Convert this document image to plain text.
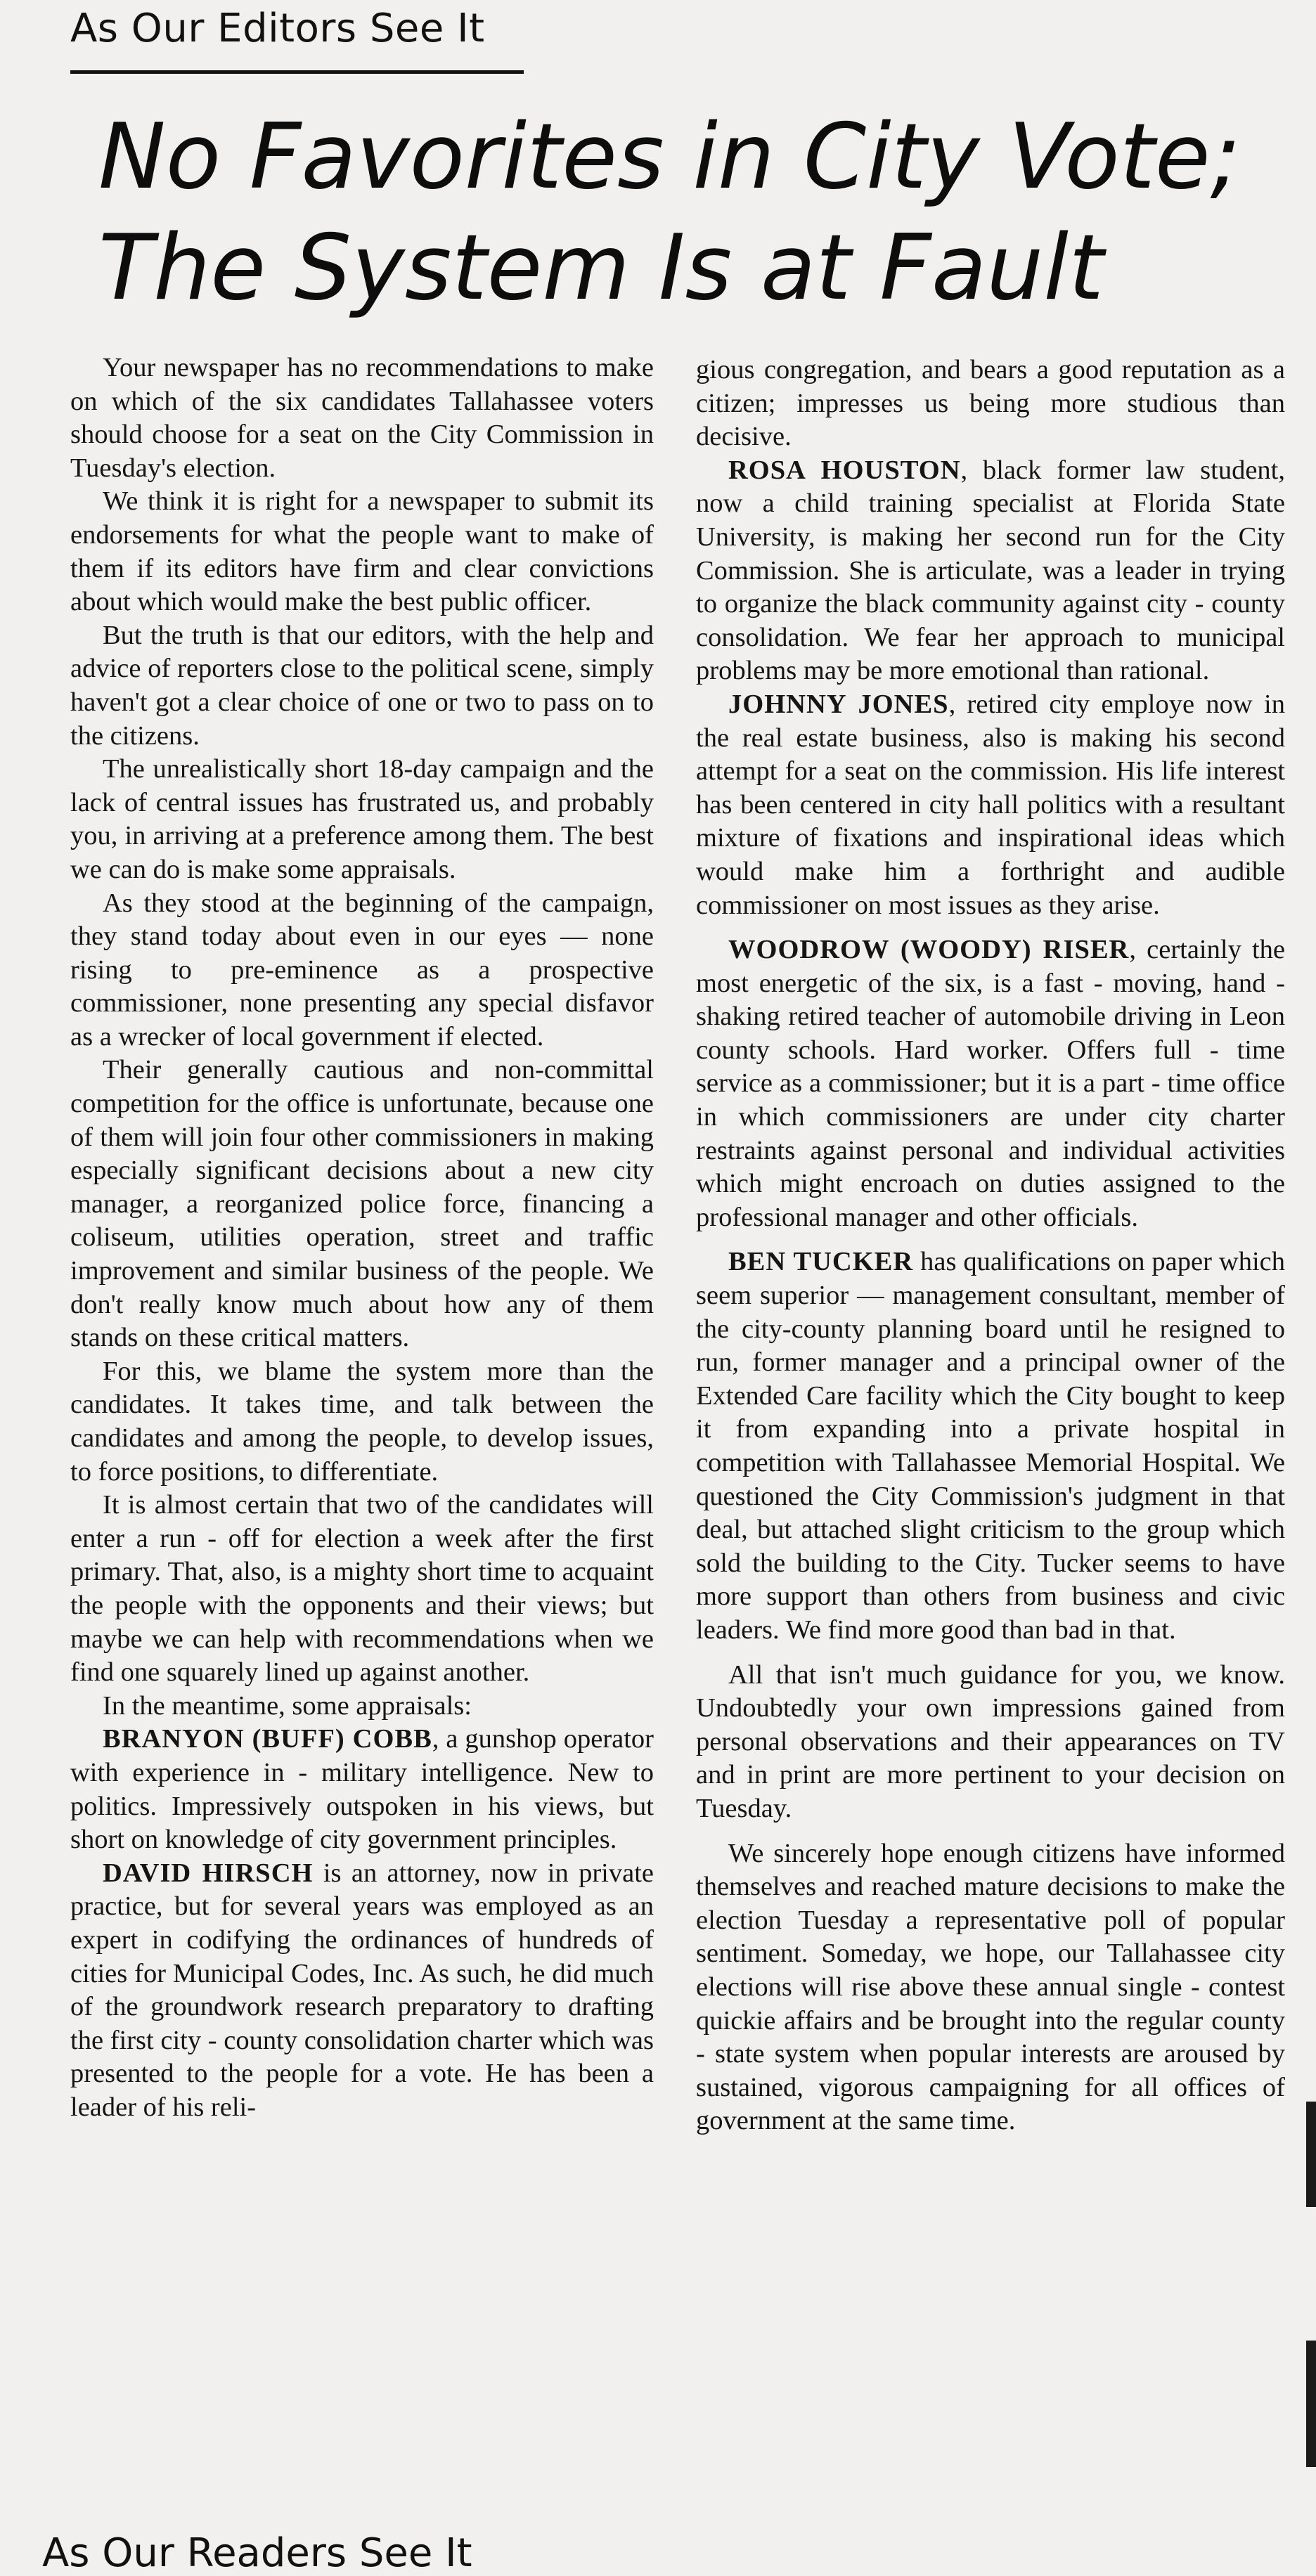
As Our Editors See It
No Favorites in City Vote;
The System Is at Fault

Your newspaper has no recommendations to make on which of the six candidates Tallahassee voters should choose for a seat on the City Commission in Tuesday's election.

We think it is right for a newspaper to submit its endorsements for what the people want to make of them if its editors have firm and clear convictions about which would make the best public officer.

But the truth is that our editors, with the help and advice of reporters close to the political scene, simply haven't got a clear choice of one or two to pass on to the citizens.

The unrealistically short 18-day campaign and the lack of central issues has frustrated us, and probably you, in arriving at a preference among them. The best we can do is make some appraisals.

As they stood at the beginning of the campaign, they stand today about even in our eyes — none rising to pre-eminence as a prospective commissioner, none presenting any special disfavor as a wrecker of local government if elected.

Their generally cautious and non-committal competition for the office is unfortunate, because one of them will join four other commissioners in making especially significant decisions about a new city manager, a reorganized police force, financing a coliseum, utilities operation, street and traffic improvement and similar business of the people. We don't really know much about how any of them stands on these critical matters.

For this, we blame the system more than the candidates. It takes time, and talk between the candidates and among the people, to develop issues, to force positions, to differentiate.

It is almost certain that two of the candidates will enter a run - off for election a week after the first primary. That, also, is a mighty short time to acquaint the people with the opponents and their views; but maybe we can help with recommendations when we find one squarely lined up against another.

In the meantime, some appraisals:

BRANYON (BUFF) COBB, a gunshop operator with experience in - military intelligence. New to politics. Impressively outspoken in his views, but short on knowledge of city government principles.

DAVID HIRSCH is an attorney, now in private practice, but for several years was employed as an expert in codifying the ordinances of hundreds of cities for Municipal Codes, Inc. As such, he did much of the groundwork research preparatory to drafting the first city - county consolidation charter which was presented to the people for a vote. He has been a leader of his reli-

gious congregation, and bears a good reputation as a citizen; impresses us being more studious than decisive.

ROSA HOUSTON, black former law student, now a child training specialist at Florida State University, is making her second run for the City Commission. She is articulate, was a leader in trying to organize the black community against city - county consolidation. We fear her approach to municipal problems may be more emotional than rational.

JOHNNY JONES, retired city employe now in the real estate business, also is making his second attempt for a seat on the commission. His life interest has been centered in city hall politics with a resultant mixture of fixations and inspirational ideas which would make him a forthright and audible commissioner on most issues as they arise.

WOODROW (WOODY) RISER, certainly the most energetic of the six, is a fast - moving, hand - shaking retired teacher of automobile driving in Leon county schools. Hard worker. Offers full - time service as a commissioner; but it is a part - time office in which commissioners are under city charter restraints against personal and individual activities which might encroach on duties assigned to the professional manager and other officials.

BEN TUCKER has qualifications on paper which seem superior — management consultant, member of the city-county planning board until he resigned to run, former manager and a principal owner of the Extended Care facility which the City bought to keep it from expanding into a private hospital in competition with Tallahassee Memorial Hospital. We questioned the City Commission's judgment in that deal, but attached slight criticism to the group which sold the building to the City. Tucker seems to have more support than others from business and civic leaders. We find more good than bad in that.

All that isn't much guidance for you, we know. Undoubtedly your own impressions gained from personal observations and their appearances on TV and in print are more pertinent to your decision on Tuesday.

We sincerely hope enough citizens have informed themselves and reached mature decisions to make the election Tuesday a representative poll of popular sentiment. Someday, we hope, our Tallahassee city elections will rise above these annual single - contest quickie affairs and be brought into the regular county - state system when popular interests are aroused by sustained, vigorous campaigning for all offices of government at the same time.

As Our Readers See It
